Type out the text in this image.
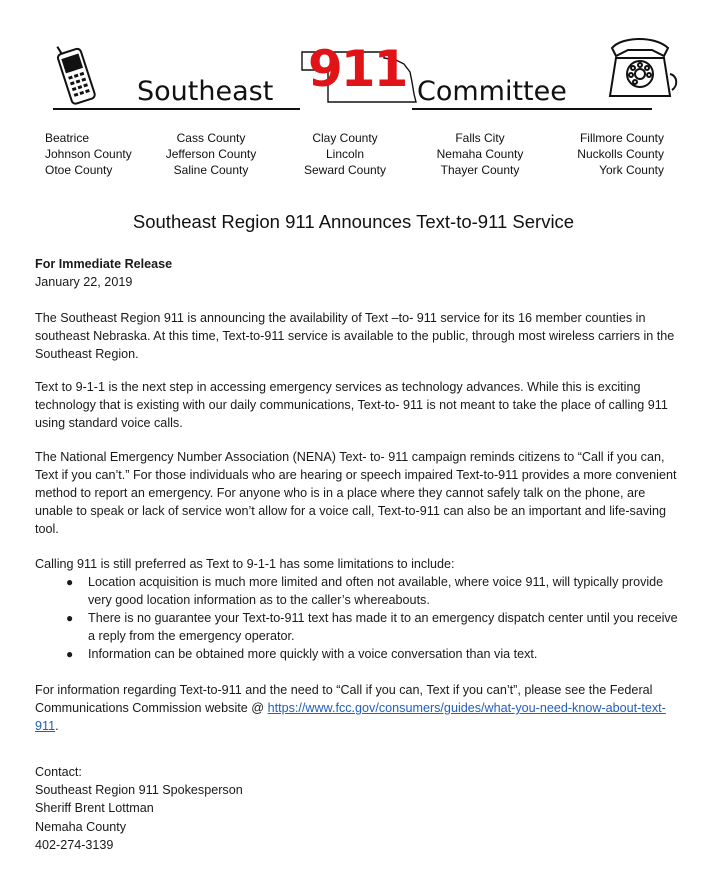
911
Southeast	Committee
Beatrice
Johnson County
Otoe County
Cass County
Jefferson County
Saline County
Clay County
Lincoln
Seward County
Falls City
Nemaha County
Thayer County
Fillmore County
Nuckolls County
York County
Southeast Region 911 Announces Text-to-911 Service
For Immediate Release
January 22, 2019
The Southeast Region 911 is announcing the availability of Text –to- 911 service for its 16 member counties in southeast Nebraska. At this time, Text-to-911 service is available to the public, through most wireless carriers in the Southeast Region.
Text to 9-1-1 is the next step in accessing emergency services as technology advances. While this is exciting technology that is existing with our daily communications, Text-to- 911 is not meant to take the place of calling 911 using standard voice calls.
The National Emergency Number Association (NENA) Text- to- 911 campaign reminds citizens to “Call if you can, Text if you can’t.” For those individuals who are hearing or speech impaired Text-to-911 provides a more convenient method to report an emergency. For anyone who is in a place where they cannot safely talk on the phone, are unable to speak or lack of service won’t allow for a voice call, Text-to-911 can also be an important and life-saving tool.
Calling 911 is still preferred as Text to 9-1-1 has some limitations to include:
● Location acquisition is much more limited and often not available, where voice 911, will typically provide very good location information as to the caller’s whereabouts.
● There is no guarantee your Text-to-911 text has made it to an emergency dispatch center until you receive a reply from the emergency operator.
● Information can be obtained more quickly with a voice conversation than via text.
For information regarding Text-to-911 and the need to “Call if you can, Text if you can’t”, please see the Federal Communications Commission website @ https://www.fcc.gov/consumers/guides/what-you-need-know-about-text-911.
Contact:
Southeast Region 911 Spokesperson
Sheriff Brent Lottman
Nemaha County
402-274-3139
